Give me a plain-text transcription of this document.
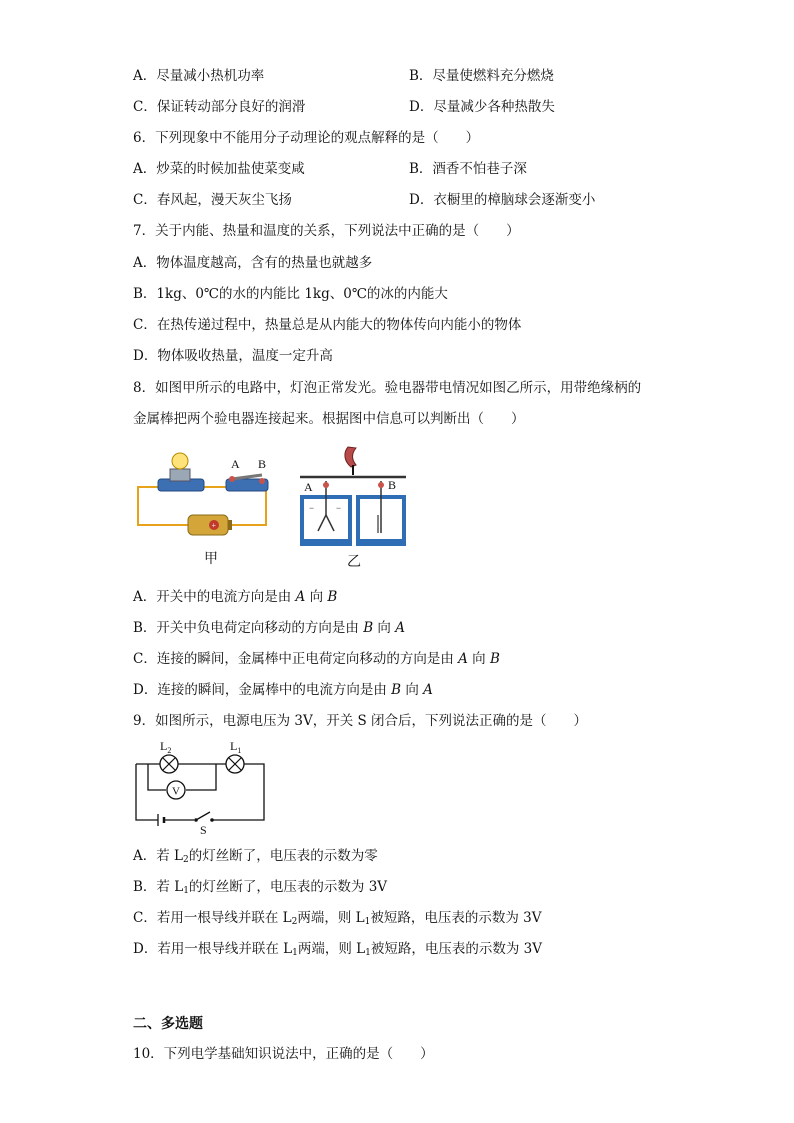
A．尽量减小热机功率	B．尽量使燃料充分燃烧
C．保证转动部分良好的润滑	D．尽量减少各种热散失
6．下列现象中不能用分子动理论的观点解释的是（　　）
A．炒菜的时候加盐使菜变咸	B．酒香不怕巷子深
C．春风起，漫天灰尘飞扬	D．衣橱里的樟脑球会逐渐变小
7．关于内能、热量和温度的关系，下列说法中正确的是（　　）
A．物体温度越高，含有的热量也就越多
B．1kg、0℃的水的内能比 1kg、0℃的冰的内能大
C．在热传递过程中，热量总是从内能大的物体传向内能小的物体
D．物体吸收热量，温度一定升高
8．如图甲所示的电路中，灯泡正常发光。验电器带电情况如图乙所示，用带绝缘柄的
金属棒把两个验电器连接起来。根据图中信息可以判断出（　　）
+
A B
甲
− −
A	B
乙
A．开关中的电流方向是由 A 向 B
B．开关中负电荷定向移动的方向是由 B 向 A
C．连接的瞬间，金属棒中正电荷定向移动的方向是由 A 向 B
D．连接的瞬间，金属棒中的电流方向是由 B 向 A
9．如图所示，电源电压为 3V，开关 S 闭合后，下列说法正确的是（　　）
V
$L_2$	$L_1$
S
A．若 $L_2$的灯丝断了，电压表的示数为零
B．若 $L_1$的灯丝断了，电压表的示数为 3V
C．若用一根导线并联在 $L_2$两端，则 $L_1$被短路，电压表的示数为 3V
D．若用一根导线并联在 $L_1$两端，则 $L_1$被短路，电压表的示数为 3V
二、多选题
10．下列电学基础知识说法中，正确的是（　　）
